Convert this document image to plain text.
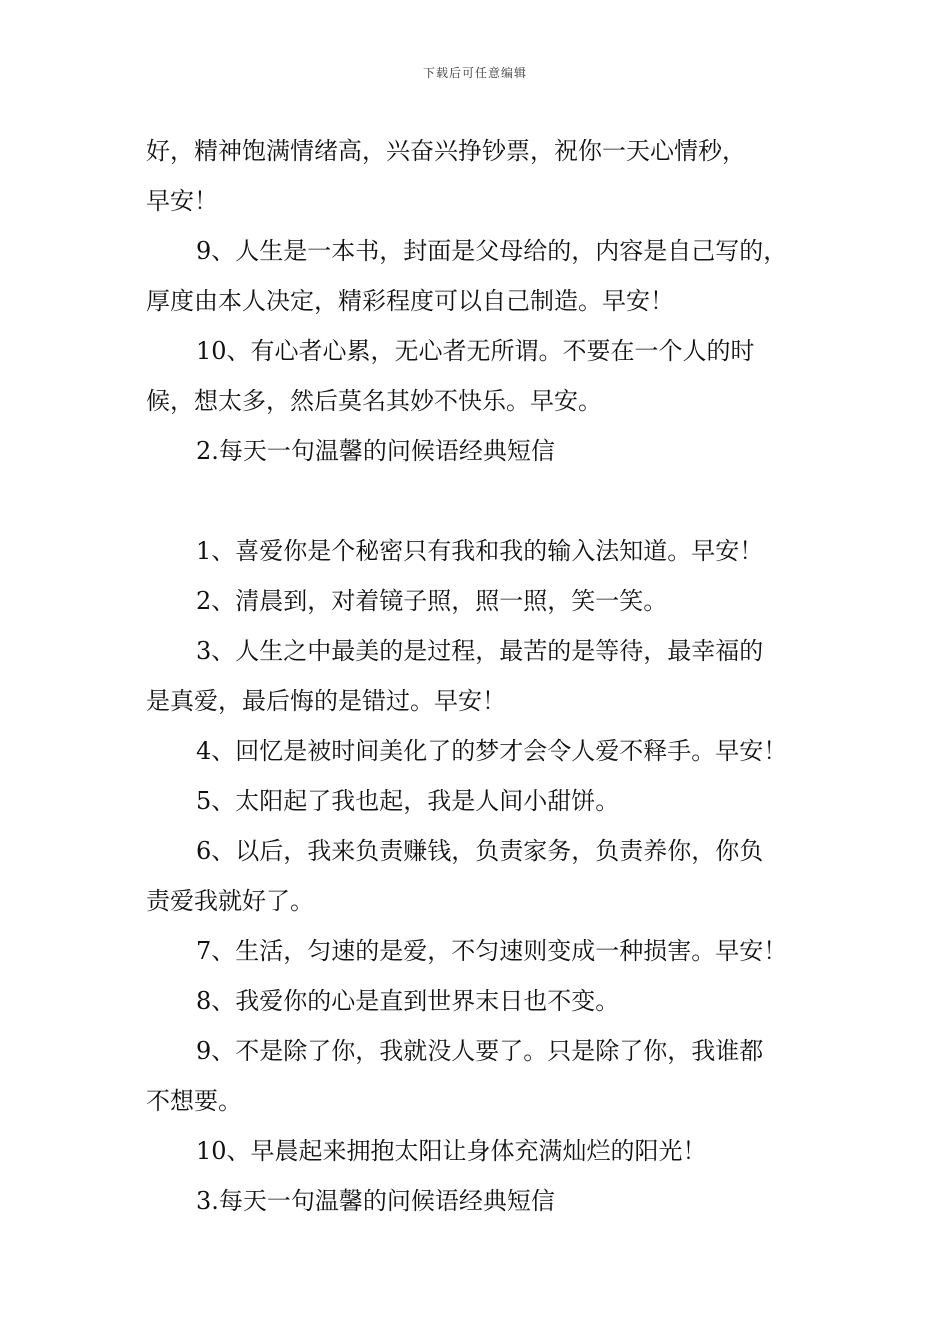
下载后可任意编辑
好，精神饱满情绪高，兴奋兴挣钞票，祝你一天心情秒，
早安！
9、人生是一本书，封面是父母给的，内容是自己写的，
厚度由本人决定，精彩程度可以自己制造。早安！
10、有心者心累，无心者无所谓。不要在一个人的时
候，想太多，然后莫名其妙不快乐。早安。
2.每天一句温馨的问候语经典短信
1、喜爱你是个秘密只有我和我的输入法知道。早安！
2、清晨到，对着镜子照，照一照，笑一笑。
3、人生之中最美的是过程，最苦的是等待，最幸福的
是真爱，最后悔的是错过。早安！
4、回忆是被时间美化了的梦才会令人爱不释手。早安！
5、太阳起了我也起，我是人间小甜饼。
6、以后，我来负责赚钱，负责家务，负责养你，你负
责爱我就好了。
7、生活，匀速的是爱，不匀速则变成一种损害。早安！
8、我爱你的心是直到世界末日也不变。
9、不是除了你，我就没人要了。只是除了你，我谁都
不想要。
10、早晨起来拥抱太阳让身体充满灿烂的阳光！
3.每天一句温馨的问候语经典短信
